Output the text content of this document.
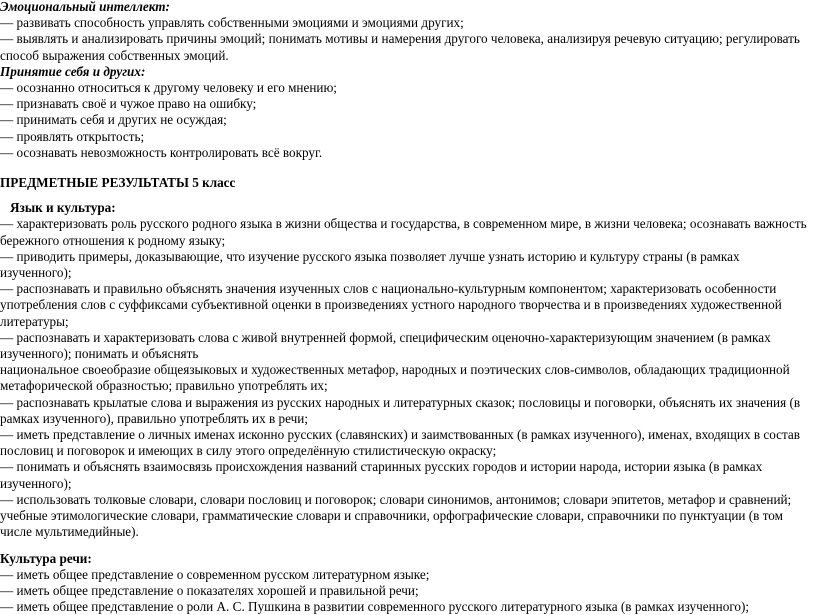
Эмоциональный интеллект:

— развивать способность управлять собственными эмоциями и эмоциями других;

— выявлять и анализировать причины эмоций; понимать мотивы и намерения другого человека, анализируя речевую ситуацию; регулировать способ выражения собственных эмоций.

Принятие себя и других:

— осознанно относиться к другому человеку и его мнению;

— признавать своё и чужое право на ошибку;

— принимать себя и других не осуждая;

— проявлять открытость;

— осознавать невозможность контролировать всё вокруг.

ПРЕДМЕТНЫЕ РЕЗУЛЬТАТЫ 5 класс

Язык и культура:

— характеризовать роль русского родного языка в жизни общества и государства, в современном мире, в жизни человека; осознавать важность бережного отношения к родному языку;

— приводить примеры, доказывающие, что изучение русского языка позволяет лучше узнать историю и культуру страны (в рамках изученного);

— распознавать и правильно объяснять значения изученных слов с национально-культурным компонентом; характеризовать особенности употребления слов с суффиксами субъективной оценки в произведениях устного народного творчества и в произведениях художественной литературы;

— распознавать и характеризовать слова с живой внутренней формой, специфическим оценочно-характеризующим значением (в рамках изученного); понимать и объяснять

национальное своеобразие общеязыковых и художественных метафор, народных и поэтических слов-символов, обладающих традиционной метафорической образностью; правильно употреблять их;

— распознавать крылатые слова и выражения из русских народных и литературных сказок; пословицы и поговорки, объяснять их значения (в рамках изученного), правильно употреблять их в речи;

— иметь представление о личных именах исконно русских (славянских) и заимствованных (в рамках изученного), именах, входящих в состав пословиц и поговорок и имеющих в силу этого определённую стилистическую окраску;

— понимать и объяснять взаимосвязь происхождения названий старинных русских городов и истории народа, истории языка (в рамках изученного);

— использовать толковые словари, словари пословиц и поговорок; словари синонимов, антонимов; словари эпитетов, метафор и сравнений; учебные этимологические словари, грамматические словари и справочники, орфографические словари, справочники по пунктуации (в том числе мультимедийные).

Культура речи:

— иметь общее представление о современном русском литературном языке;

— иметь общее представление о показателях хорошей и правильной речи;

— иметь общее представление о роли А. С. Пушкина в развитии современного русского литературного языка (в рамках изученного);
